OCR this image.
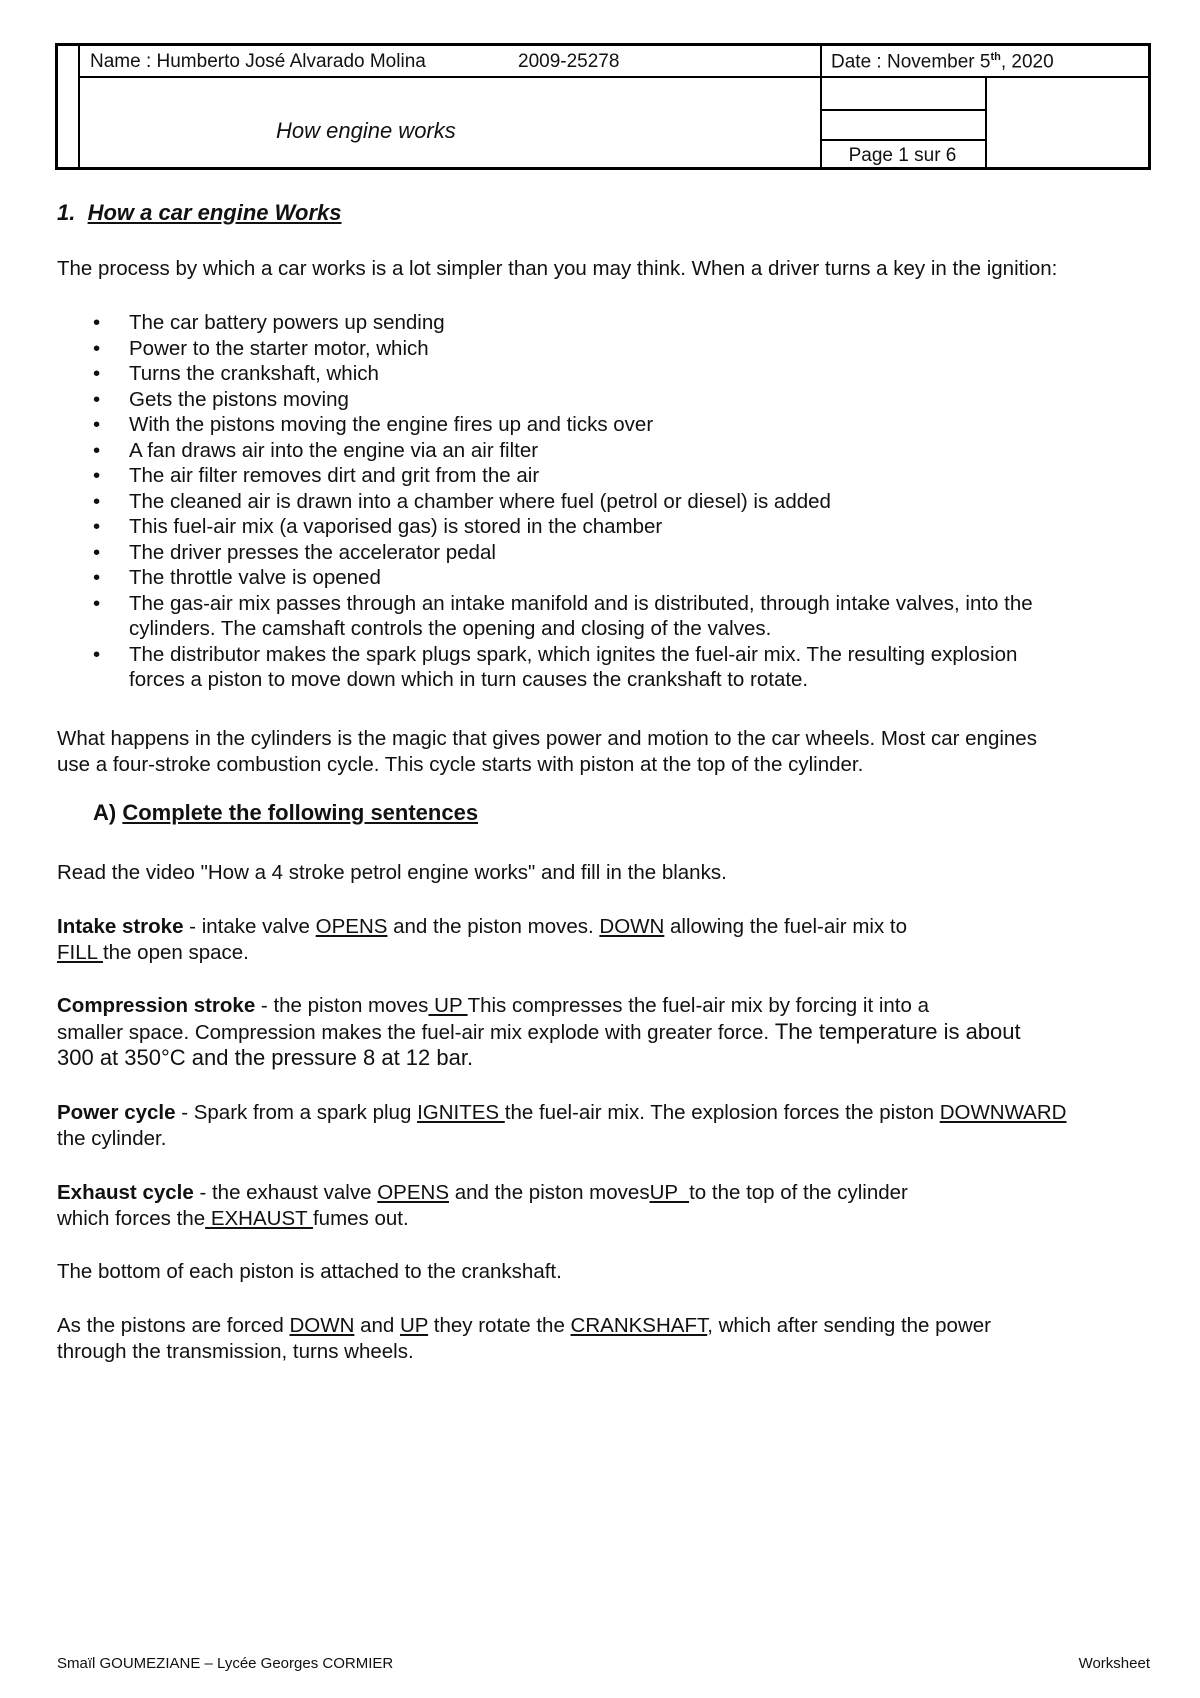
Name : Humberto José Alvarado Molina	2009-25278	Date : November 5th, 2020
How engine works
Page 1 sur 6
1. How a car engine Works
The process by which a car works is a lot simpler than you may think. When a driver turns a key in the ignition:
• The car battery powers up sending
• Power to the starter motor, which
• Turns the crankshaft, which
• Gets the pistons moving
• With the pistons moving the engine fires up and ticks over
• A fan draws air into the engine via an air filter
• The air filter removes dirt and grit from the air
• The cleaned air is drawn into a chamber where fuel (petrol or diesel) is added
• This fuel-air mix (a vaporised gas) is stored in the chamber
• The driver presses the accelerator pedal
• The throttle valve is opened
• The gas-air mix passes through an intake manifold and is distributed, through intake valves, into the
cylinders. The camshaft controls the opening and closing of the valves.
• The distributor makes the spark plugs spark, which ignites the fuel-air mix. The resulting explosion
forces a piston to move down which in turn causes the crankshaft to rotate.
What happens in the cylinders is the magic that gives power and motion to the car wheels. Most car engines
use a four-stroke combustion cycle. This cycle starts with piston at the top of the cylinder.
A) Complete the following sentences
Read the video "How a 4 stroke petrol engine works" and fill in the blanks.
Intake stroke - intake valve OPENS and the piston moves. DOWN allowing the fuel-air mix to
FILL the open space.
Compression stroke - the piston moves UP This compresses the fuel-air mix by forcing it into a
smaller space. Compression makes the fuel-air mix explode with greater force. The temperature is about
300 at 350°C and the pressure 8 at 12 bar.
Power cycle - Spark from a spark plug IGNITES the fuel-air mix. The explosion forces the piston DOWNWARD
the cylinder.
Exhaust cycle - the exhaust valve OPENS and the piston movesUP  to the top of the cylinder
which forces the EXHAUST fumes out.
The bottom of each piston is attached to the crankshaft.
As the pistons are forced DOWN and UP they rotate the CRANKSHAFT, which after sending the power
through the transmission, turns wheels.
Smaïl GOUMEZIANE – Lycée Georges CORMIER	Worksheet
